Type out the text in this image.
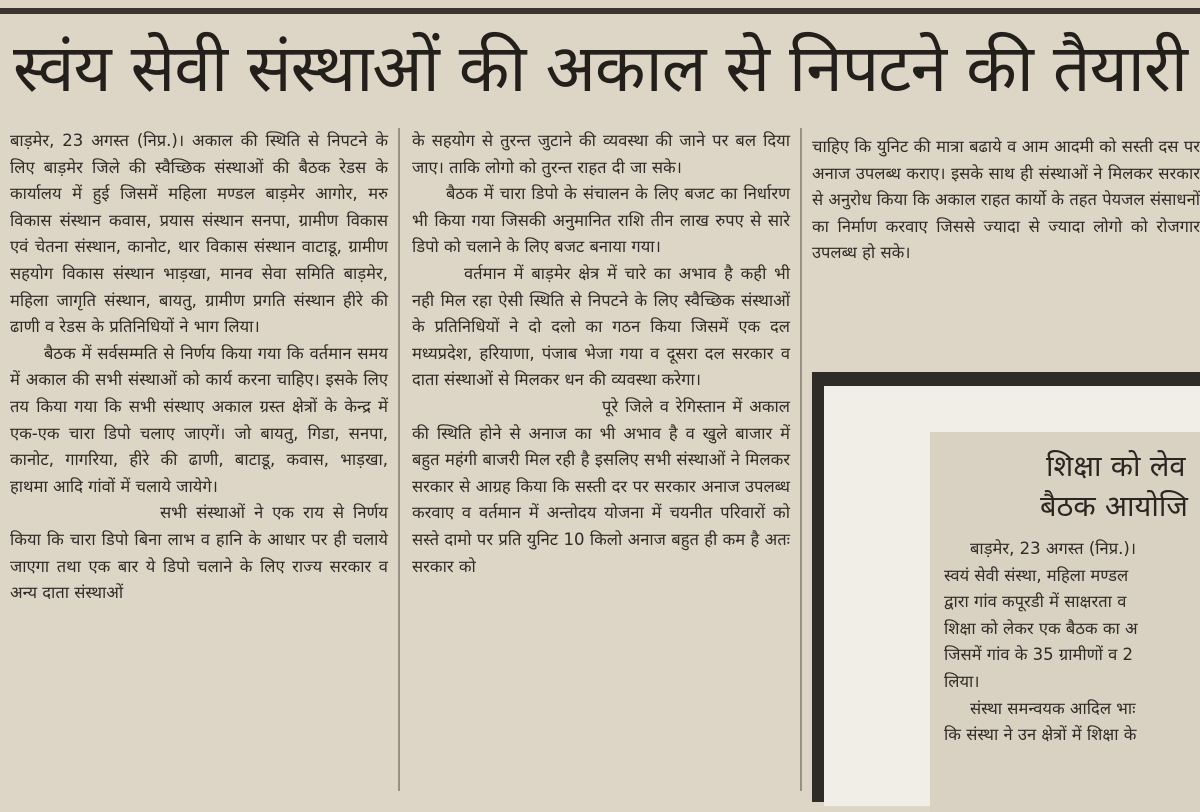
स्वंय सेवी संस्थाओं की अकाल से निपटने की तैयारी

बाड़मेर, 23 अगस्त (निप्र.)। अकाल की स्थिति से निपटने के लिए बाड़मेर जिले की स्वैच्छिक संस्थाओं की बैठक रेडस के कार्यालय में हुई जिसमें महिला मण्डल बाड़मेर आगोर, मरु विकास संस्थान कवास, प्रयास संस्थान सनपा, ग्रामीण विकास एवं चेतना संस्थान, कानोट, थार विकास संस्थान वाटाडू, ग्रामीण सहयोग विकास संस्थान भाड़खा, मानव सेवा समिति बाड़मेर, महिला जागृति संस्थान, बायतु, ग्रामीण प्रगति संस्थान हीरे की ढाणी व रेडस के प्रतिनिधियों ने भाग लिया।

बैठक में सर्वसम्मति से निर्णय किया गया कि वर्तमान समय में अकाल की सभी संस्थाओं को कार्य करना चाहिए। इसके लिए तय किया गया कि सभी संस्थाए अकाल ग्रस्त क्षेत्रों के केन्द्र में एक-एक चारा डिपो चलाए जाएगें। जो बायतु, गिडा, सनपा, कानोट, गागरिया, हीरे की ढाणी, बाटाडू, कवास, भाड़खा, हाथमा आदि गांवों में चलाये जायेगे।

सभी संस्थाओं ने एक राय से निर्णय किया कि चारा डिपो बिना लाभ व हानि के आधार पर ही चलाये जाएगा तथा एक बार ये डिपो चलाने के लिए राज्य सरकार व अन्य दाता संस्थाओं

के सहयोग से तुरन्त जुटाने की व्यवस्था की जाने पर बल दिया जाए। ताकि लोगो को तुरन्त राहत दी जा सके।

बैठक में चारा डिपो के संचालन के लिए बजट का निर्धारण भी किया गया जिसकी अनुमानित राशि तीन लाख रुपए से सारे डिपो को चलाने के लिए बजट बनाया गया।

वर्तमान में बाड़मेर क्षेत्र में चारे का अभाव है कही भी नही मिल रहा ऐसी स्थिति से निपटने के लिए स्वैच्छिक संस्थाओं के प्रतिनिधियों ने दो दलो का गठन किया जिसमें एक दल मध्यप्रदेश, हरियाणा, पंजाब भेजा गया व दूसरा दल सरकार व दाता संस्थाओं से मिलकर धन की व्यवस्था करेगा।

पूरे जिले व रेगिस्तान में अकाल की स्थिति होने से अनाज का भी अभाव है व खुले बाजार में बहुत महंगी बाजरी मिल रही है इसलिए सभी संस्थाओं ने मिलकर सरकार से आग्रह किया कि सस्ती दर पर सरकार अनाज उपलब्ध करवाए व वर्तमान में अन्तोदय योजना में चयनीत परिवारों को सस्ते दामो पर प्रति युनिट 10 किलो अनाज बहुत ही कम है अतः सरकार को

चाहिए कि युनिट की मात्रा बढाये व आम आदमी को सस्ती दस पर अनाज उपलब्ध कराए। इसके साथ ही संस्थाओं ने मिलकर सरकार से अनुरोध किया कि अकाल राहत कार्यो के तहत पेयजल संसाधनों का निर्माण करवाए जिससे ज्यादा से ज्यादा लोगो को रोजगार उपलब्ध हो सके।

शिक्षा को लेव
बैठक आयोजि

बाड़मेर, 23 अगस्त (निप्र.)।

स्वयं सेवी संस्था, महिला मण्डल

द्वारा गांव कपूरडी में साक्षरता व

शिक्षा को लेकर एक बैठक का अ

जिसमें गांव के 35 ग्रामीणों व 2

लिया।

संस्था समन्वयक आदिल भाः

कि संस्था ने उन क्षेत्रों में शिक्षा के
